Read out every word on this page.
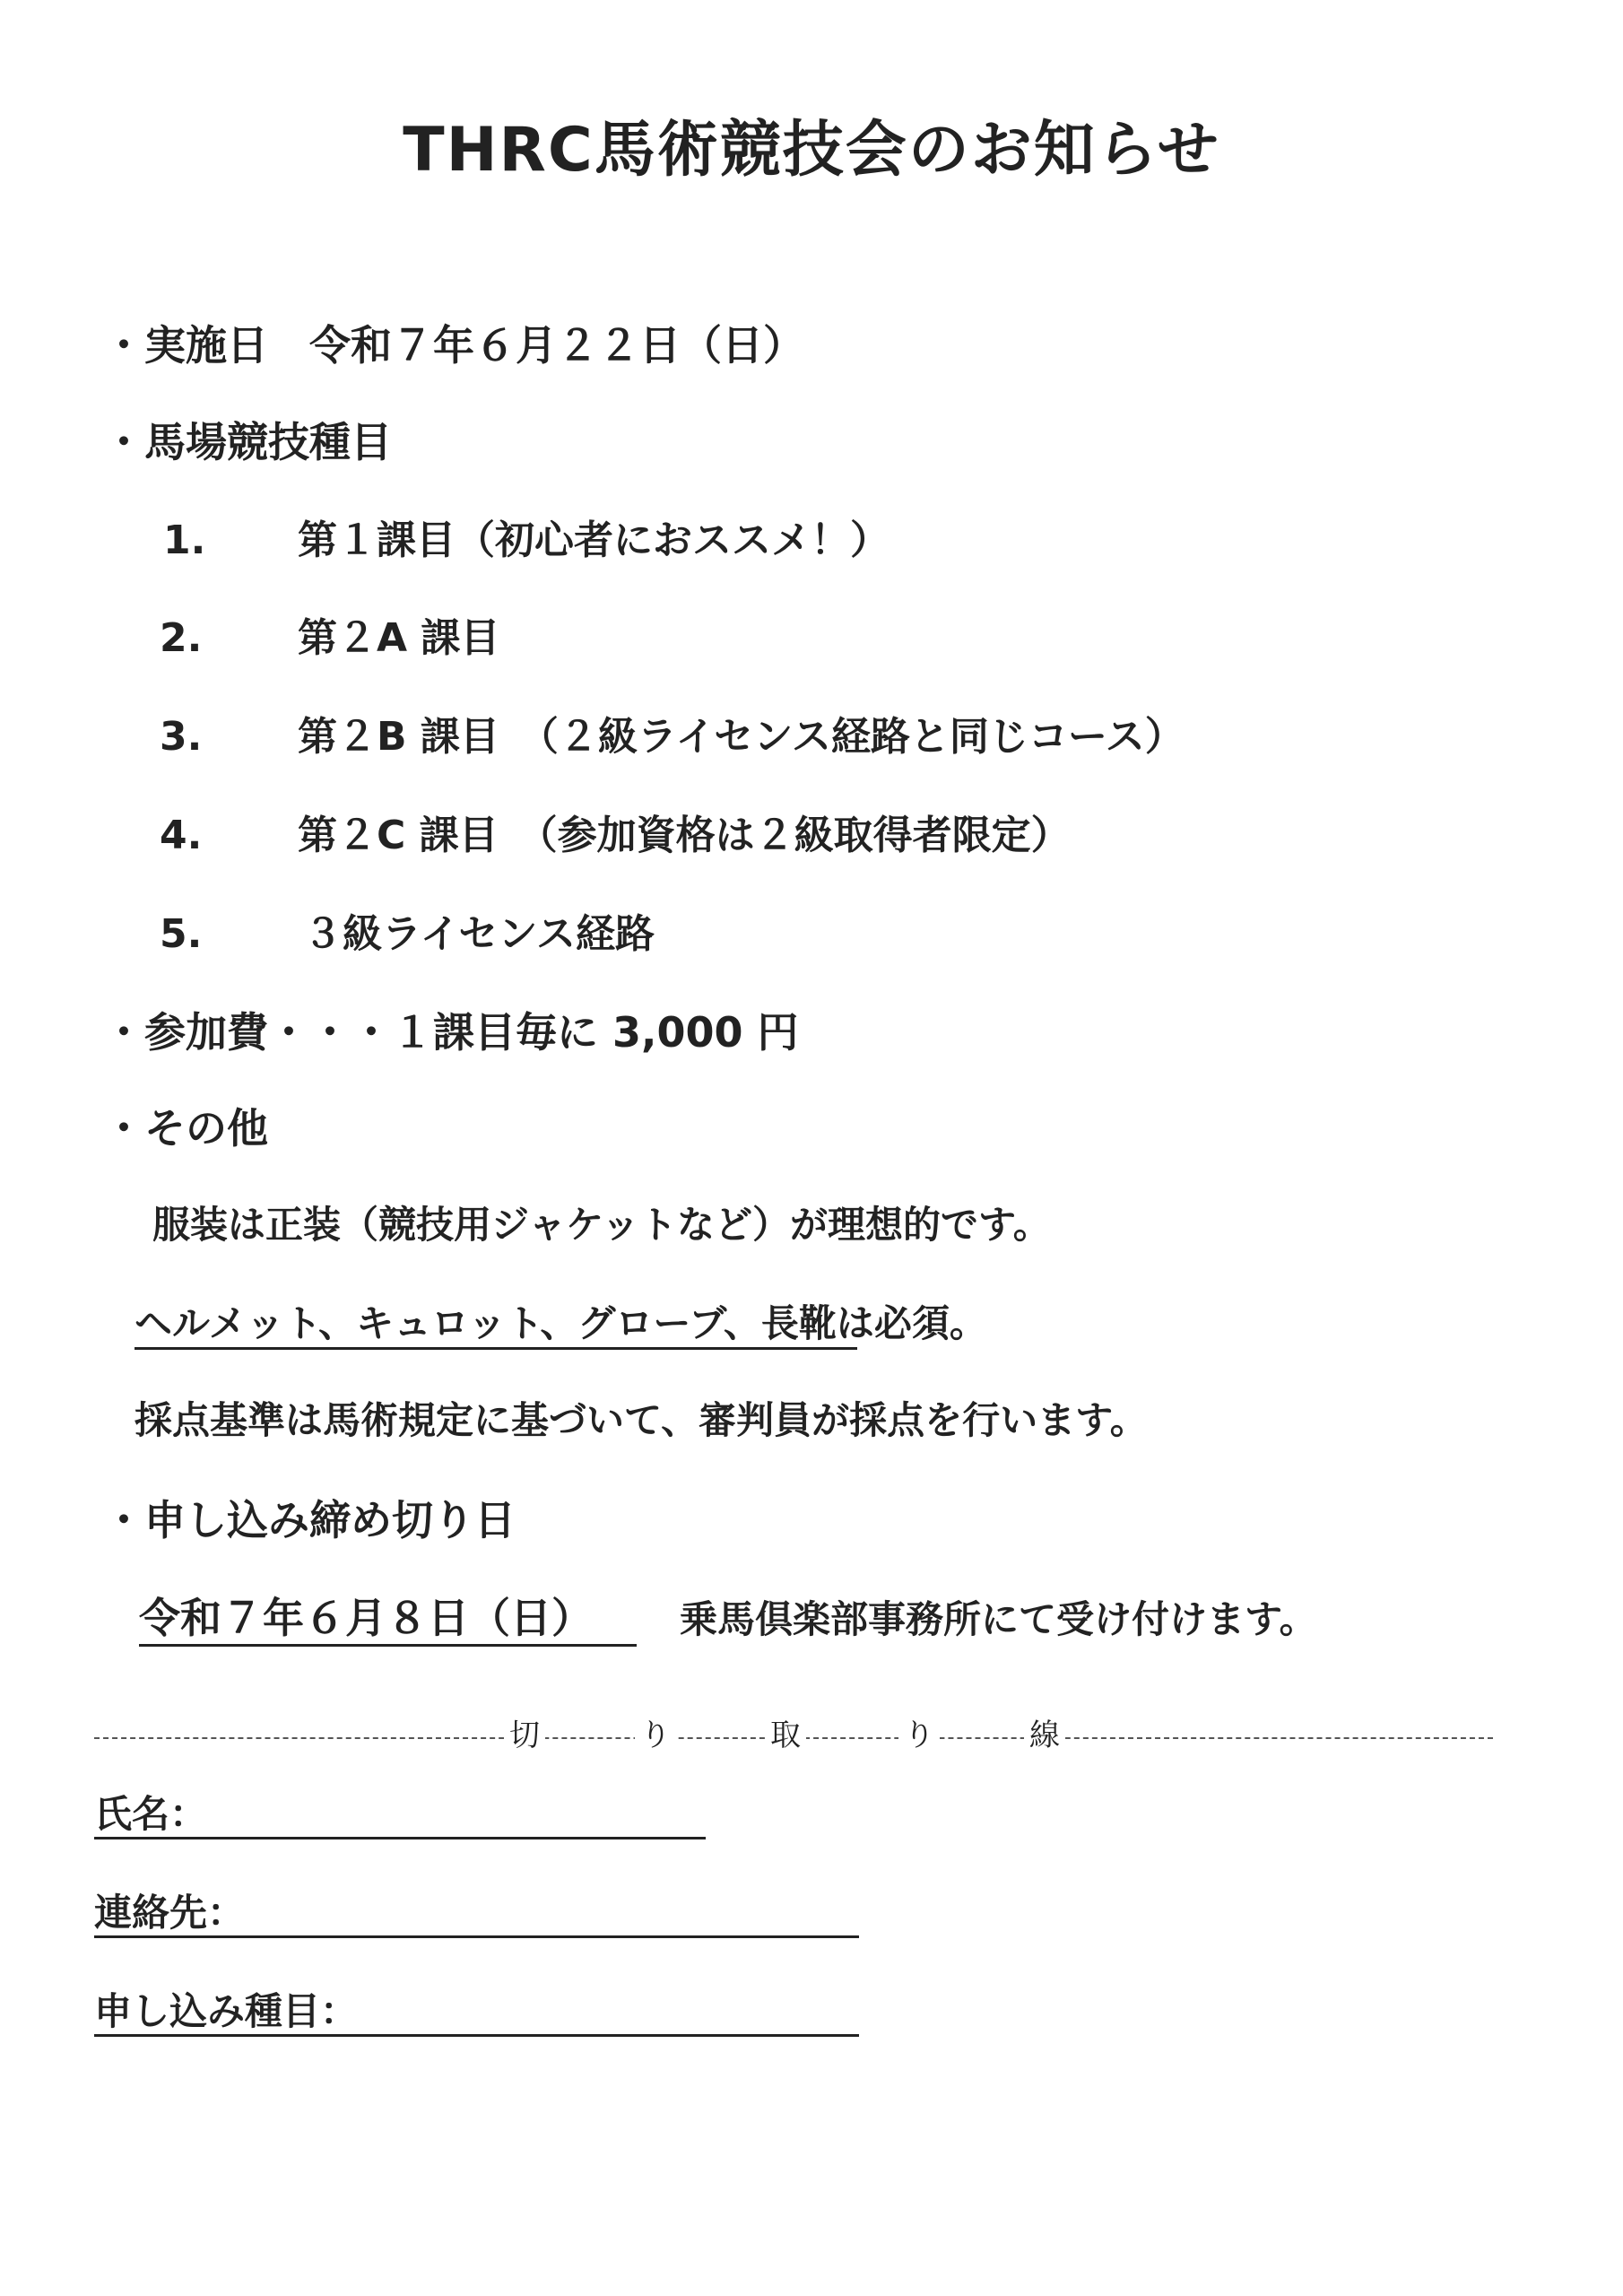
THRC馬術競技会のお知らせ
・実施日　令和７年６月２２日（日）
・馬場競技種目
1. 第１課目（初心者におススメ！）
2. 第２A 課目
3. 第２B 課目　（２級ライセンス経路と同じコース）
4. 第２C 課目　（参加資格は２級取得者限定）
5.	３級ライセンス経路
・参加費・・・１課目毎に 3,000 円
・その他
服装は正装（競技用ジャケットなど）が理想的です。
ヘルメット、キュロット、グローブ、長靴は必須。
採点基準は馬術規定に基づいて、審判員が採点を行います。
・申し込み締め切り日
令和７年６月８日（日） 乗馬倶楽部事務所にて受け付けます。
切	り	取	り	線
氏名：
連絡先：
申し込み種目：
